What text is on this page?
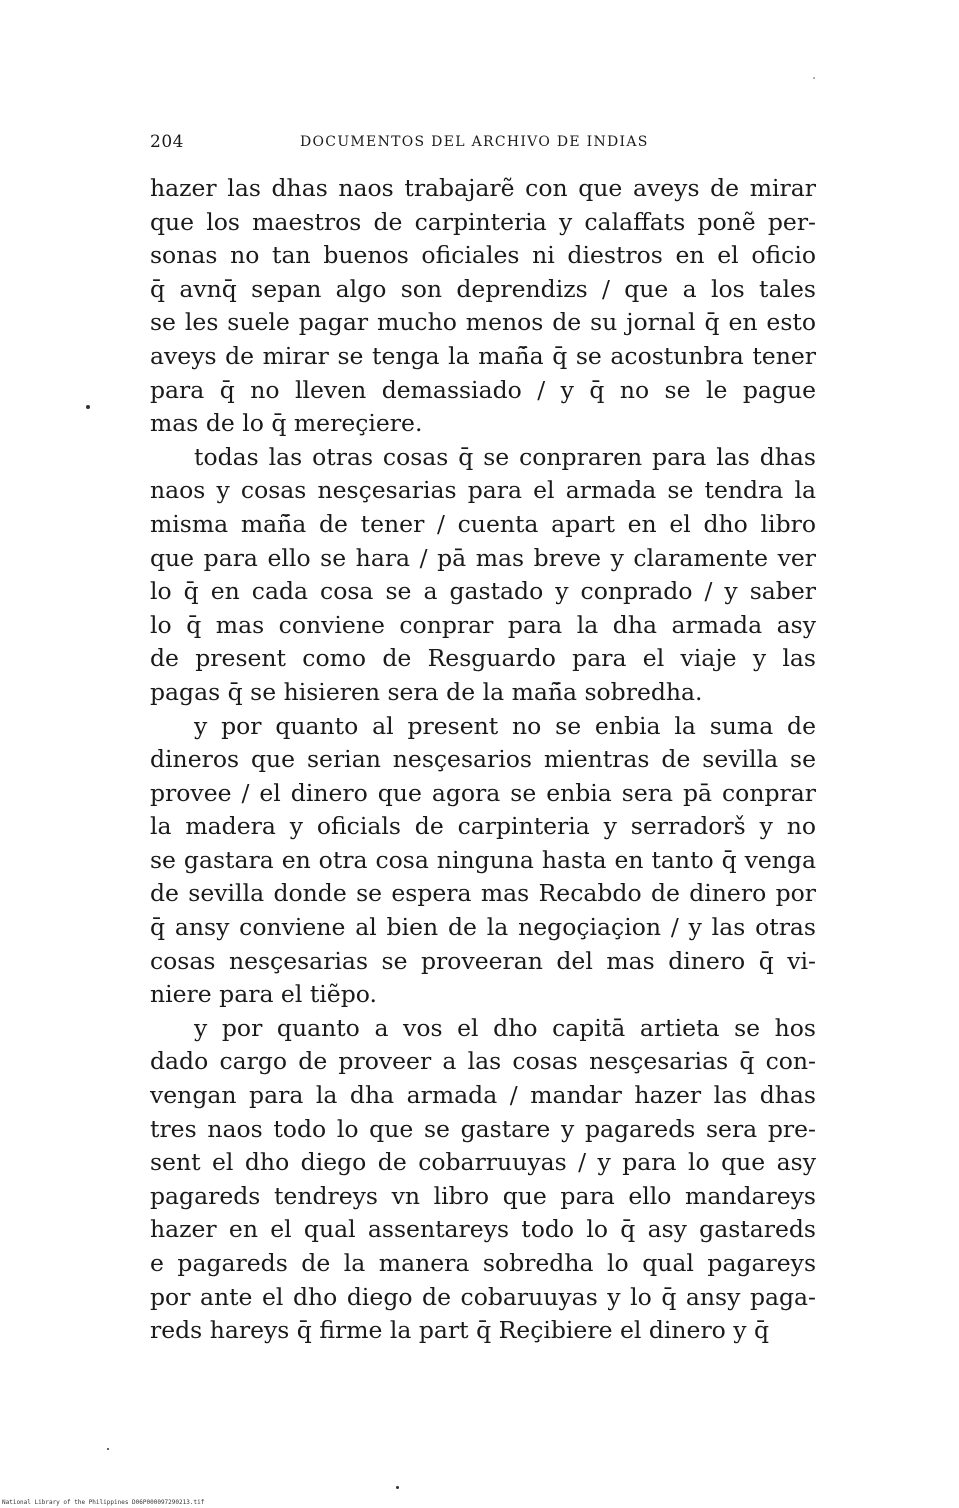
204	DOCUMENTOS DEL ARCHIVO DE INDIAS
hazer las dhas naos trabajarẽ con que aveys de mirar
que los maestros de carpinteria y calaffats ponẽ per-
sonas no tan buenos oficiales ni diestros en el oficio
q̄ avnq̄ sepan algo son deprendizs / que a los tales
se les suele pagar mucho menos de su jornal q̄ en esto
aveys de mirar se tenga la mañ̄a q̄ se acostunbra tener
para q̄ no lleven demassiado / y q̄ no se le pague
mas de lo q̄ mereçiere.
todas las otras cosas q̄ se conpraren para las dhas
naos y cosas nesçesarias para el armada se tendra la
misma mañ̄a de tener / cuenta apart en el dho libro
que para ello se hara / pā mas breve y claramente ver
lo q̄ en cada cosa se a gastado y conprado / y saber
lo q̄ mas conviene conprar para la dha armada asy
de present como de Resguardo para el viaje y las
pagas q̄ se hisieren sera de la mañ̄a sobredha.
y por quanto al present no se enbia la suma de
dineros que serian nesçesarios mientras de sevilla se
provee / el dinero que agora se enbia sera pā conprar
la madera y oficials de carpinteria y serradorš y no
se gastara en otra cosa ninguna hasta en tanto q̄ venga
de sevilla donde se espera mas Recabdo de dinero por
q̄ ansy conviene al bien de la negoçiaçion / y las otras
cosas nesçesarias se proveeran del mas dinero q̄ vi-
niere para el tiẽpo.
y por quanto a vos el dho capitā artieta se hos
dado cargo de proveer a las cosas nesçesarias q̄ con-
vengan para la dha armada / mandar hazer las dhas
tres naos todo lo que se gastare y pagareds sera pre-
sent el dho diego de cobarruuyas / y para lo que asy
pagareds tendreys vn libro que para ello mandareys
hazer en el qual assentareys todo lo q̄ asy gastareds
e pagareds de la manera sobredha lo qual pagareys
por ante el dho diego de cobaruuyas y lo q̄ ansy paga-
reds hareys q̄ firme la part q̄ Reçibiere el dinero y q̄
National Library of the Philippines D06P000097290213.tif
